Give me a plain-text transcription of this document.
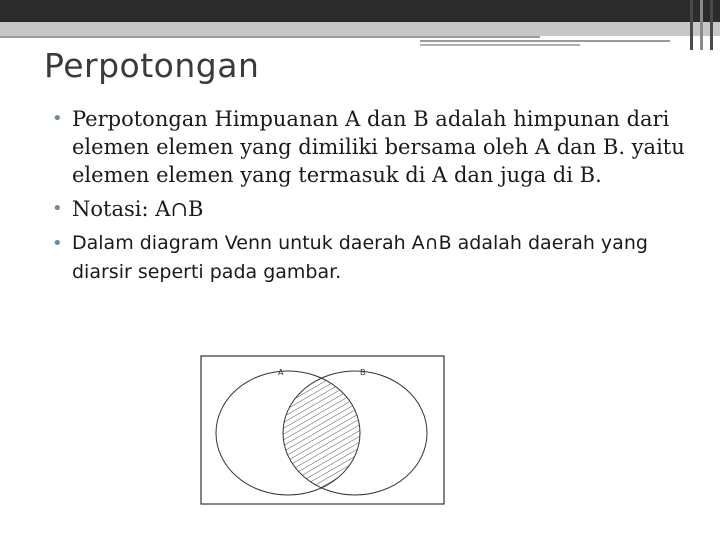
Perpotongan
• Perpotongan Himpuanan A dan B adalah himpunan dari elemen elemen yang dimiliki bersama oleh A dan B. yaitu elemen elemen yang termasuk di A dan juga di B.
• Notasi: A∩B
• Dalam diagram Venn untuk daerah A∩B adalah daerah yang diarsir seperti pada gambar.
A	B
